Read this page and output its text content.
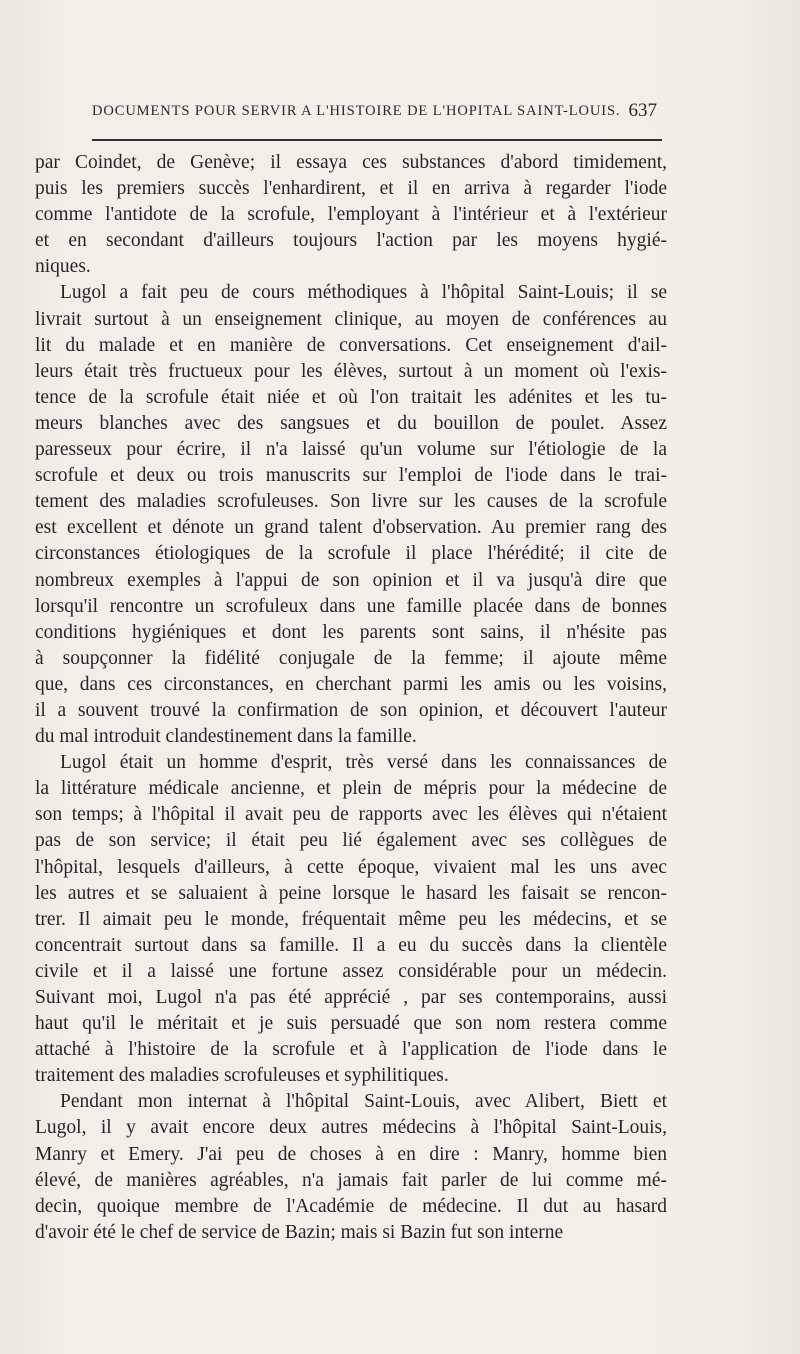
DOCUMENTS POUR SERVIR A L'HISTOIRE DE L'HOPITAL SAINT-LOUIS. 637
par Coindet, de Genève; il essaya ces substances d'abord timidement,
puis les premiers succès l'enhardirent, et il en arriva à regarder l'iode
comme l'antidote de la scrofule, l'employant à l'intérieur et à l'extérieur
et en secondant d'ailleurs toujours l'action par les moyens hygié-
niques.
Lugol a fait peu de cours méthodiques à l'hôpital Saint-Louis; il se
livrait surtout à un enseignement clinique, au moyen de conférences au
lit du malade et en manière de conversations. Cet enseignement d'ail-
leurs était très fructueux pour les élèves, surtout à un moment où l'exis-
tence de la scrofule était niée et où l'on traitait les adénites et les tu-
meurs blanches avec des sangsues et du bouillon de poulet. Assez
paresseux pour écrire, il n'a laissé qu'un volume sur l'étiologie de la
scrofule et deux ou trois manuscrits sur l'emploi de l'iode dans le trai-
tement des maladies scrofuleuses. Son livre sur les causes de la scrofule
est excellent et dénote un grand talent d'observation. Au premier rang des
circonstances étiologiques de la scrofule il place l'hérédité; il cite de
nombreux exemples à l'appui de son opinion et il va jusqu'à dire que
lorsqu'il rencontre un scrofuleux dans une famille placée dans de bonnes
conditions hygiéniques et dont les parents sont sains, il n'hésite pas
à soupçonner la fidélité conjugale de la femme; il ajoute même
que, dans ces circonstances, en cherchant parmi les amis ou les voisins,
il a souvent trouvé la confirmation de son opinion, et découvert l'auteur
du mal introduit clandestinement dans la famille.
Lugol était un homme d'esprit, très versé dans les connaissances de
la littérature médicale ancienne, et plein de mépris pour la médecine de
son temps; à l'hôpital il avait peu de rapports avec les élèves qui n'étaient
pas de son service; il était peu lié également avec ses collègues de
l'hôpital, lesquels d'ailleurs, à cette époque, vivaient mal les uns avec
les autres et se saluaient à peine lorsque le hasard les faisait se rencon-
trer. Il aimait peu le monde, fréquentait même peu les médecins, et se
concentrait surtout dans sa famille. Il a eu du succès dans la clientèle
civile et il a laissé une fortune assez considérable pour un médecin.
Suivant moi, Lugol n'a pas été apprécié , par ses contemporains, aussi
haut qu'il le méritait et je suis persuadé que son nom restera comme
attaché à l'histoire de la scrofule et à l'application de l'iode dans le
traitement des maladies scrofuleuses et syphilitiques.
Pendant mon internat à l'hôpital Saint-Louis, avec Alibert, Biett et
Lugol, il y avait encore deux autres médecins à l'hôpital Saint-Louis,
Manry et Emery. J'ai peu de choses à en dire : Manry, homme bien
élevé, de manières agréables, n'a jamais fait parler de lui comme mé-
decin, quoique membre de l'Académie de médecine. Il dut au hasard
d'avoir été le chef de service de Bazin; mais si Bazin fut son interne
